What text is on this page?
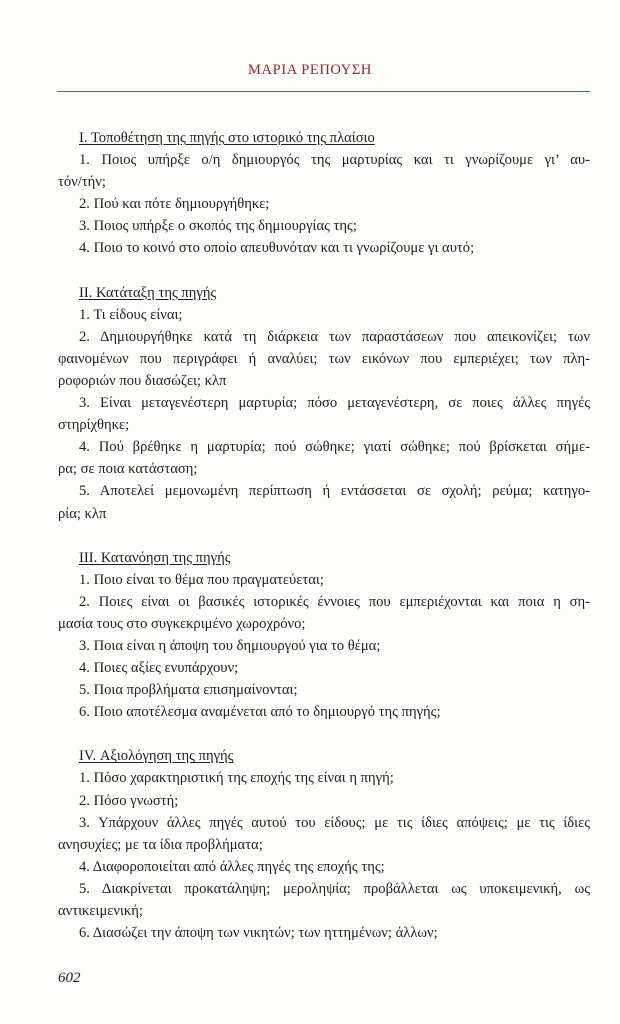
ΜΑΡΙΑ ΡΕΠΟΥΣΗ
Ι. Τοποθέτηση της πηγής στο ιστορικό της πλαίσιο
1. Ποιος υπήρξε ο/η δημιουργός της μαρτυρίας και τι γνωρίζουμε γι’ αυ-
τόν/τήν;
2. Πού και πότε δημιουργήθηκε;
3. Ποιος υπήρξε ο σκοπός της δημιουργίας της;
4. Ποιο το κοινό στο οποίο απευθυνόταν και τι γνωρίζουμε γι αυτό;
ΙΙ. Κατάταξη της πηγής
1. Τι είδους είναι;
2. Δημιουργήθηκε κατά τη διάρκεια των παραστάσεων που απεικονίζει; των
φαινομένων που περιγράφει ή αναλύει; των εικόνων που εμπεριέχει; των πλη-
ροφοριών που διασώζει; κλπ
3. Είναι μεταγενέστερη μαρτυρία; πόσο μεταγενέστερη, σε ποιες άλλες πηγές
στηρίχθηκε;
4. Πού βρέθηκε η μαρτυρία; πού σώθηκε; γιατί σώθηκε; πού βρίσκεται σήμε-
ρα; σε ποια κατάσταση;
5. Αποτελεί μεμονωμένη περίπτωση ή εντάσσεται σε σχολή; ρεύμα; κατηγο-
ρία; κλπ
ΙΙΙ. Κατανόηση της πηγής
1. Ποιο είναι το θέμα που πραγματεύεται;
2. Ποιες είναι οι βασικές ιστορικές έννοιες που εμπεριέχονται και ποια η ση-
μασία τους στο συγκεκριμένο χωροχρόνο;
3. Ποια είναι η άποψη του δημιουργού για το θέμα;
4. Ποιες αξίες ενυπάρχουν;
5. Ποια προβλήματα επισημαίνονται;
6. Ποιο αποτέλεσμα αναμένεται από το δημιουργό της πηγής;
IV. Αξιολόγηση της πηγής
1. Πόσο χαρακτηριστική της εποχής της είναι η πηγή;
2. Πόσο γνωστή;
3. Υπάρχουν άλλες πηγές αυτού του είδους; με τις ίδιες απόψεις; με τις ίδιες
ανησυχίες; με τα ίδια προβλήματα;
4. Διαφοροποιείται από άλλες πηγές της εποχής της;
5. Διακρίνεται προκατάληψη; μεροληψία; προβάλλεται ως υποκειμενική, ως
αντικειμενική;
6. Διασώζει την άποψη των νικητών; των ηττημένων; άλλων;
602
